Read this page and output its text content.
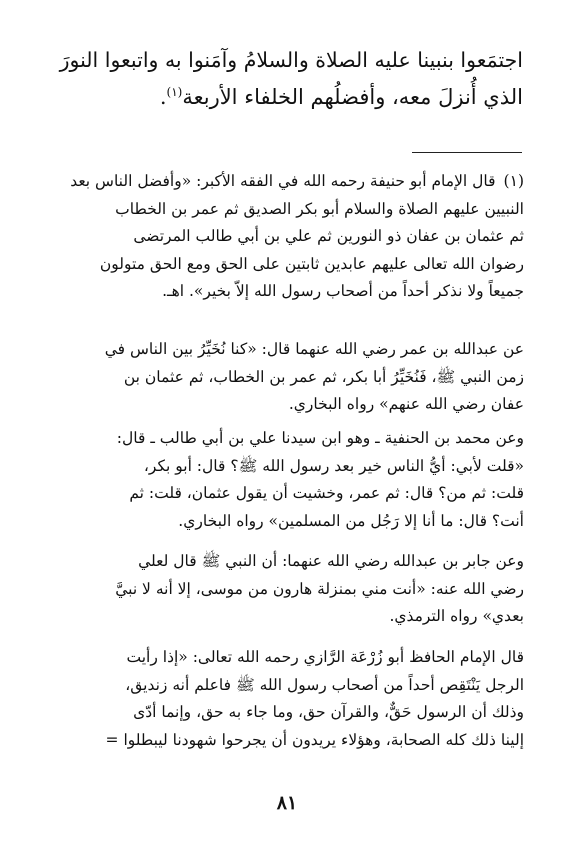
اجتمَعوا بنبينا عليه الصلاة والسلامُ وآمَنوا به واتبعوا النورَ
الذي أُنزلَ معه، وأفضلُهم الخلفاء الأربعة$^{(١)}$.

(١)قال الإمام أبو حنيفة رحمه الله في الفقه الأكبر: «وأفضل الناس بعد
النبيين عليهم الصلاة والسلام أبو بكر الصديق ثم عمر بن الخطاب
ثم عثمان بن عفان ذو النورين ثم علي بن أبي طالب المرتضى
رضوان الله تعالى عليهم عابدين ثابتين على الحق ومع الحق متولون
جميعاً ولا نذكر أحداً من أصحاب رسول الله إلاّ بخير». اهـ.

عن عبدالله بن عمر رضي الله عنهما قال: «كنا نُخَيِّرُ بين الناس في
زمن النبي ﷺ، فَنُخَيِّرُ أبا بكر، ثم عمر بن الخطاب، ثم عثمان بن
عفان رضي الله عنهم» رواه البخاري.

وعن محمد بن الحنفية ـ وهو ابن سيدنا علي بن أبي طالب ـ قال:
«قلت لأبي: أيُّ الناس خير بعد رسول الله ﷺ؟ قال: أبو بكر،
قلت: ثم من؟ قال: ثم عمر، وخشيت أن يقول عثمان، قلت: ثم
أنت؟ قال: ما أنا إلا رَجُل من المسلمين» رواه البخاري.

وعن جابر بن عبدالله رضي الله عنهما: أن النبي ﷺ قال لعلي
رضي الله عنه: «أنت مني بمنزلة هارون من موسى، إلا أنه لا نبيَّ
بعدي» رواه الترمذي.

قال الإمام الحافظ أبو زُرْعَة الرَّازي رحمه الله تعالى: «إذا رأيت
الرجل يَنْتَقِص أحداً من أصحاب رسول الله ﷺ فاعلم أنه زنديق،
وذلك أن الرسول حَقٌّ، والقرآن حق، وما جاء به حق، وإنما أدّى
إلينا ذلك كله الصحابة، وهؤلاء يريدون أن يجرحوا شهودنا ليبطلوا =

٨١
